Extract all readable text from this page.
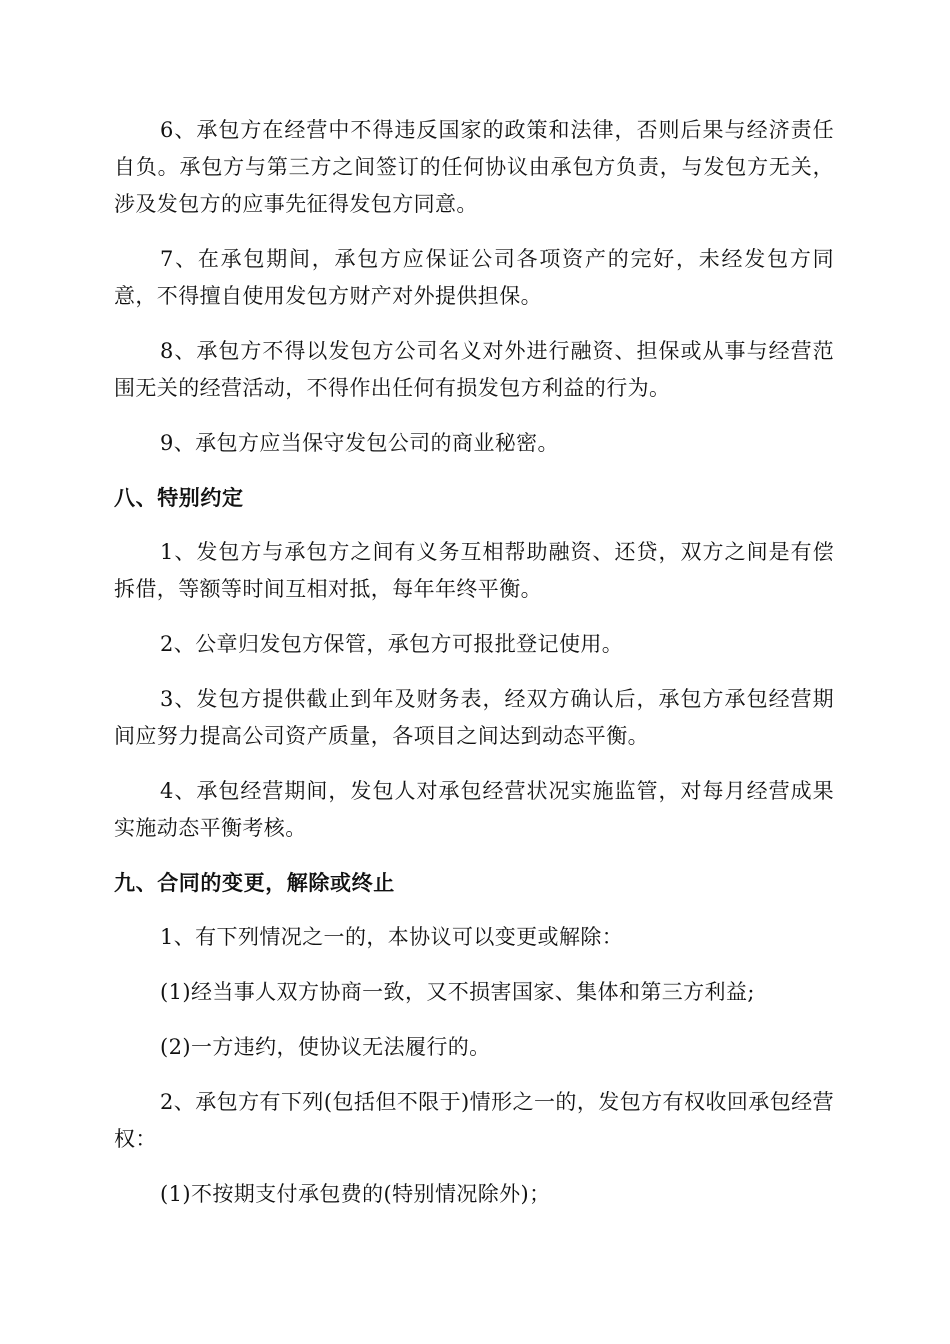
6、承包方在经营中不得违反国家的政策和法律，否则后果与经济责任自负。承包方与第三方之间签订的任何协议由承包方负责，与发包方无关，涉及发包方的应事先征得发包方同意。

7、在承包期间，承包方应保证公司各项资产的完好，未经发包方同意，不得擅自使用发包方财产对外提供担保。

8、承包方不得以发包方公司名义对外进行融资、担保或从事与经营范围无关的经营活动，不得作出任何有损发包方利益的行为。

9、承包方应当保守发包公司的商业秘密。

八、特别约定

1、发包方与承包方之间有义务互相帮助融资、还贷，双方之间是有偿拆借，等额等时间互相对抵，每年年终平衡。

2、公章归发包方保管，承包方可报批登记使用。

3、发包方提供截止到年及财务表，经双方确认后，承包方承包经营期间应努力提高公司资产质量，各项目之间达到动态平衡。

4、承包经营期间，发包人对承包经营状况实施监管，对每月经营成果实施动态平衡考核。

九、合同的变更，解除或终止

1、有下列情况之一的，本协议可以变更或解除：

(1)经当事人双方协商一致，又不损害国家、集体和第三方利益;

(2)一方违约，使协议无法履行的。

2、承包方有下列(包括但不限于)情形之一的，发包方有权收回承包经营权：

(1)不按期支付承包费的(特别情况除外)；
